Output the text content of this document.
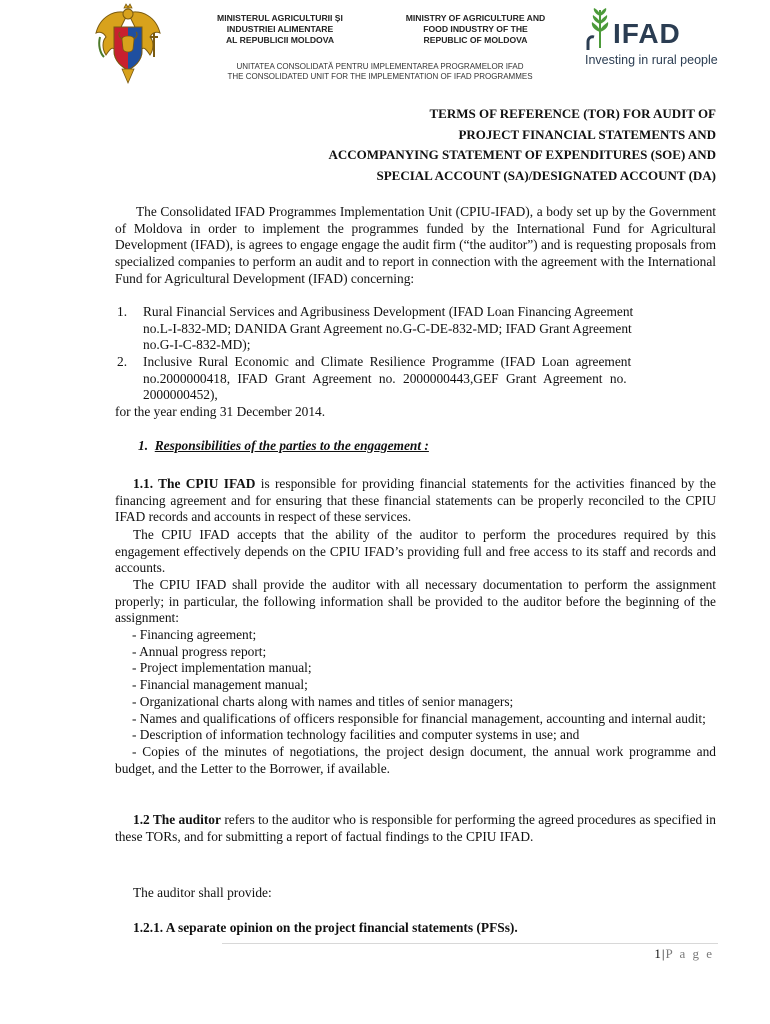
MINISTERUL AGRICULTURII ȘI
INDUSTRIEI ALIMENTARE
AL REPUBLICII MOLDOVA
MINISTRY OF AGRICULTURE AND
FOOD INDUSTRY OF THE
REPUBLIC OF MOLDOVA
UNITATEA CONSOLIDATĂ PENTRU IMPLEMENTAREA PROGRAMELOR IFAD
THE CONSOLIDATED UNIT FOR THE IMPLEMENTATION OF IFAD PROGRAMMES
IFAD
Investing in rural people
TERMS OF REFERENCE (TOR) FOR AUDIT OF
PROJECT FINANCIAL STATEMENTS AND
ACCOMPANYING STATEMENT OF EXPENDITURES (SOE) AND
SPECIAL ACCOUNT (SA)/DESIGNATED ACCOUNT (DA)
The Consolidated IFAD Programmes Implementation Unit (CPIU-IFAD), a body set up by the Government of Moldova in order to implement the programmes funded by the International Fund for Agricultural Development (IFAD), is agrees to engage engage the audit firm (“the auditor”) and is requesting proposals from specialized companies to perform an audit and to report in connection with the agreement with the International Fund for Agricultural Development (IFAD) concerning:
1. Rural Financial Services and Agribusiness Development (IFAD Loan Financing Agreement
no.L-I-832-MD; DANIDA Grant Agreement no.G-C-DE-832-MD; IFAD Grant Agreement
no.G-I-C-832-MD);
2. Inclusive Rural Economic and Climate Resilience Programme (IFAD Loan agreement
no.2000000418, IFAD Grant Agreement no. 2000000443,GEF Grant Agreement no.
2000000452),
for the year ending 31 December 2014.
1. Responsibilities of the parties to the engagement :
1.1. The CPIU IFAD is responsible for providing financial statements for the activities financed by the financing agreement and for ensuring that these financial statements can be properly reconciled to the CPIU IFAD records and accounts in respect of these services.
The CPIU IFAD accepts that the ability of the auditor to perform the procedures required by this engagement effectively depends on the CPIU IFAD’s providing full and free access to its staff and records and accounts.
The CPIU IFAD shall provide the auditor with all necessary documentation to perform the assignment properly; in particular, the following information shall be provided to the auditor before the beginning of the assignment:
- Financing agreement;
- Annual progress report;
- Project implementation manual;
- Financial management manual;
- Organizational charts along with names and titles of senior managers;
- Names and qualifications of officers responsible for financial management, accounting and internal audit;
- Description of information technology facilities and computer systems in use; and
- Copies of the minutes of negotiations, the project design document, the annual work programme and budget, and the Letter to the Borrower, if available.
1.2 The auditor refers to the auditor who is responsible for performing the agreed procedures as specified in these TORs, and for submitting a report of factual findings to the CPIU IFAD.
The auditor shall provide:
1.2.1. A separate opinion on the project financial statements (PFSs).
1|P a g e
